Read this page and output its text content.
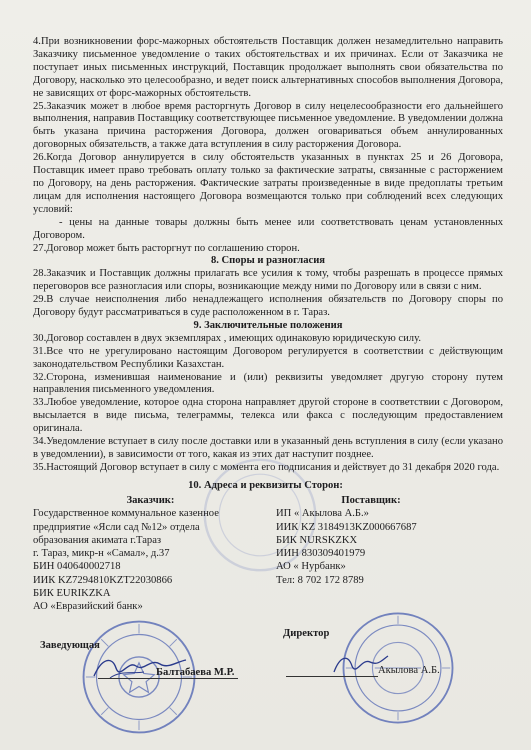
4.При возникновении форс-мажорных обстоятельств Поставщик должен незамедлительно направить Заказчику письменное уведомление о таких обстоятельствах и их причинах. Если от Заказчика не поступает иных письменных инструкций, Поставщик продолжает выполнять свои обязательства по Договору, насколько это целесообразно, и ведет поиск альтернативных способов выполнения Договора, не зависящих от форс-мажорных обстоятельств.

25.Заказчик может в любое время расторгнуть Договор в силу нецелесообразности его дальнейшего выполнения, направив Поставщику соответствующее письменное уведомление. В уведомлении должна быть указана причина расторжения Договора, должен оговариваться объем аннулированных договорных обязательств, а также дата вступления в силу расторжения Договора.

26.Когда Договор аннулируется в силу обстоятельств указанных в пунктах 25 и 26 Договора, Поставщик имеет право требовать оплату только за фактические затраты, связанные с расторжением по Договору, на день расторжения. Фактические затраты произведенные в виде предоплаты третьим лицам для исполнения настоящего Договора возмещаются только при соблюдений всех следующих условий:

- цены на данные товары должны быть менее или соответствовать ценам установленных Договором.

27.Договор может быть расторгнут по соглашению сторон.

8. Споры и разногласия

28.Заказчик и Поставщик должны прилагать все усилия к тому, чтобы разрешать в процессе прямых переговоров все разногласия или споры, возникающие между ними по Договору или в связи с ним.

29.В случае неисполнения либо ненадлежащего исполнения обязательств по Договору споры по Договору будут рассматриваться в суде расположенном в г. Тараз.

9. Заключительные положения

30.Договор составлен в двух экземплярах , имеющих одинаковую юридическую силу.

31.Все что не урегулировано настоящим Договором регулируется в соответствии с действующим законодательством Республики Казахстан.

32.Сторона, изменившая наименование и (или) реквизиты уведомляет другую сторону путем направления письменного уведомления.

33.Любое уведомление, которое одна сторона направляет другой стороне в соответствии с Договором, высылается в виде письма, телеграммы, телекса или факса с последующим предоставлением оригинала.

34.Уведомление вступает в силу после доставки или в указанный день вступления в силу (если указано в уведомлении), в зависимости от того, какая из этих дат наступит позднее.

35.Настоящий Договор вступает в силу с момента его подписания и действует до 31 декабря 2020 года.

10. Адреса и реквизиты Сторон:
Заказчик:
Государственное коммунальное казенное
предприятие «Ясли сад №12» отдела
образования акимата г.Тараз
г. Тараз, микр-н «Самал», д.37
БИН 040640002718
ИИК KZ7294810KZT22030866
БИК EURIKZKA
АО «Евразийский банк»
Поставщик:
ИП « Акылова А.Б.»
ИИК KZ 3184913KZ000667687
БИК NURSKZKX
ИИН 830309401979
АО « Нурбанк»
Тел: 8 702 172 8789
Заведующая
Балтабаева М.Р.
Директор
Акылова А.Б.
